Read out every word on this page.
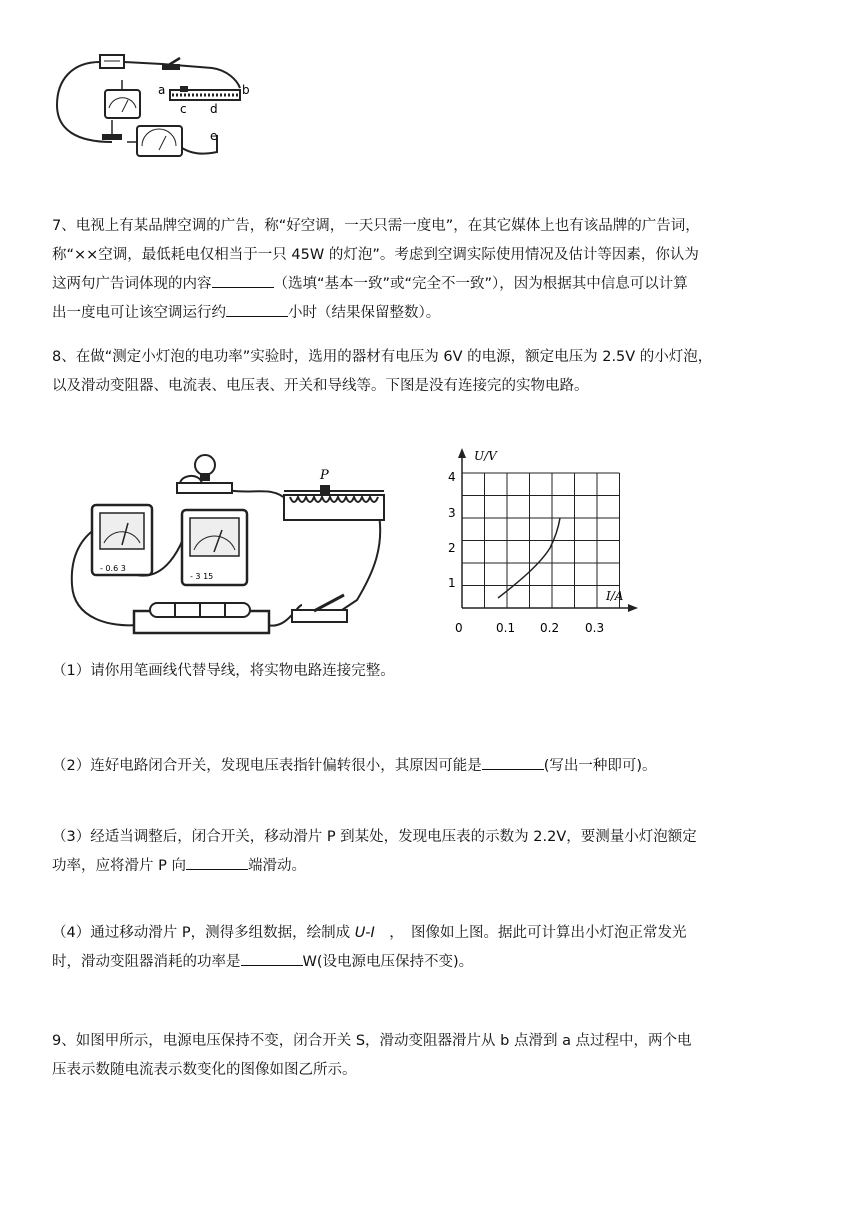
a	b
c d
e

7、电视上有某品牌空调的广告，称“好空调，一天只需一度电”，在其它媒体上也有该品牌的广告词，

称“××空调，最低耗电仅相当于一只 45W 的灯泡”。考虑到空调实际使用情况及估计等因素，你认为

这两句广告词体现的内容	（选填“基本一致”或“完全不一致”），因为根据其中信息可以计算

出一度电可让该空调运行约	小时（结果保留整数）。

8、在做“测定小灯泡的电功率”实验时，选用的器材有电压为 6V 的电源，额定电压为 2.5V 的小灯泡，

以及滑动变阻器、电流表、电压表、开关和导线等。下图是没有连接完的实物电路。

- 0.6 3
- 3 15
P
U/V
I/A
1
2
3
4
0	0.1 0.2 0.3

（1）请你用笔画线代替导线，将实物电路连接完整。

（2）连好电路闭合开关，发现电压表指针偏转很小，其原因可能是	(写出一种即可)。

（3）经适当调整后，闭合开关，移动滑片 P 到某处，发现电压表的示数为 2.2V，要测量小灯泡额定

功率，应将滑片 P 向	端滑动。

（4）通过移动滑片 P，测得多组数据，绘制成 U-I　，　图像如上图。据此可计算出小灯泡正常发光

时，滑动变阻器消耗的功率是	W(设电源电压保持不变)。

9、如图甲所示，电源电压保持不变，闭合开关 S，滑动变阻器滑片从 b 点滑到 a 点过程中，两个电

压表示数随电流表示数变化的图像如图乙所示。
